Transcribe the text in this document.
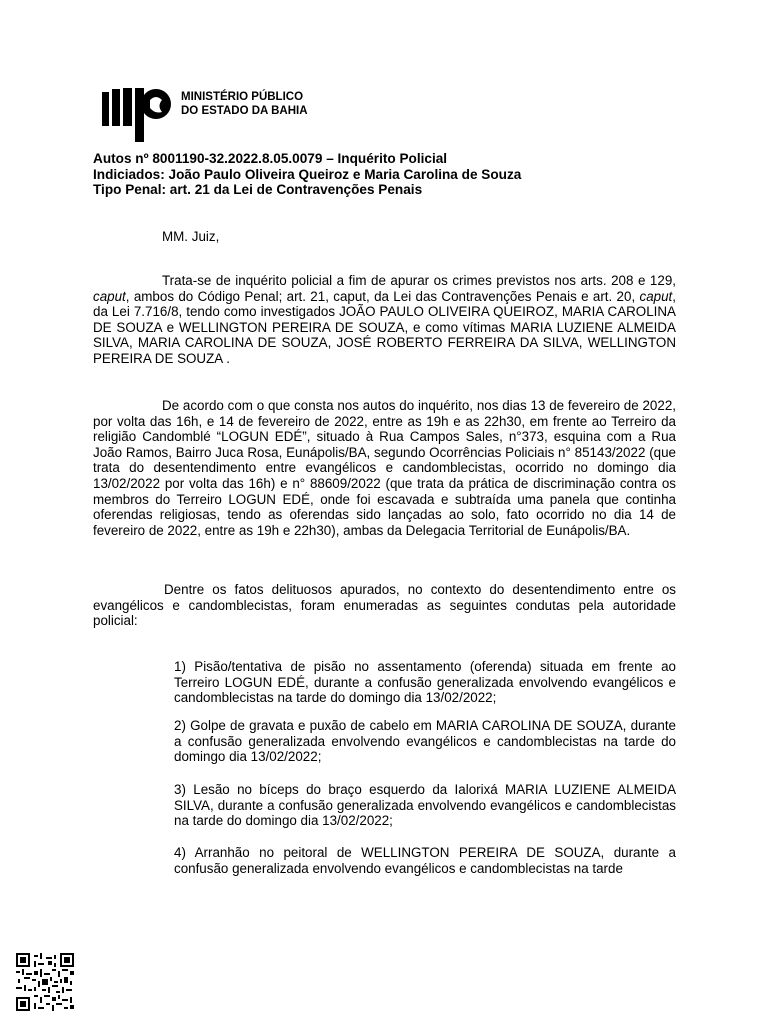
MINISTÉRIO PÚBLICO
DO ESTADO DA BAHIA
Autos nº 8001190-32.2022.8.05.0079 – Inquérito Policial
Indiciados: João Paulo Oliveira Queiroz e Maria Carolina de Souza
Tipo Penal: art. 21 da Lei de Contravenções Penais

MM. Juiz,

Trata-se de inquérito policial a fim de apurar os crimes previstos nos arts. 208 e 129, caput, ambos do Código Penal; art. 21, caput, da Lei das Contravenções Penais e art. 20, caput, da Lei 7.716/8, tendo como investigados JOÃO PAULO OLIVEIRA QUEIROZ, MARIA CAROLINA DE SOUZA e WELLINGTON PEREIRA DE SOUZA, e como vítimas MARIA LUZIENE ALMEIDA SILVA, MARIA CAROLINA DE SOUZA, JOSÉ ROBERTO FERREIRA DA SILVA, WELLINGTON PEREIRA DE SOUZA .

De acordo com o que consta nos autos do inquérito, nos dias 13 de fevereiro de 2022, por volta das 16h, e 14 de fevereiro de 2022, entre as 19h e as 22h30, em frente ao Terreiro da religião Candomblé “LOGUN EDÉ”, situado à Rua Campos Sales, n°373, esquina com a Rua João Ramos, Bairro Juca Rosa, Eunápolis/BA, segundo Ocorrências Policiais n° 85143/2022 (que trata do desentendimento entre evangélicos e candomblecistas, ocorrido no domingo dia 13/02/2022 por volta das 16h) e n° 88609/2022 (que trata da prática de discriminação contra os membros do Terreiro LOGUN EDÉ, onde foi escavada e subtraída uma panela que continha oferendas religiosas, tendo as oferendas sido lançadas ao solo, fato ocorrido no dia 14 de fevereiro de 2022, entre as 19h e 22h30), ambas da Delegacia Territorial de Eunápolis/BA.

Dentre os fatos delituosos apurados, no contexto do desentendimento entre os evangélicos e candomblecistas, foram enumeradas as seguintes condutas pela autoridade policial:

1) Pisão/tentativa de pisão no assentamento (oferenda) situada em frente ao Terreiro LOGUN EDÉ, durante a confusão generalizada envolvendo evangélicos e candomblecistas na tarde do domingo dia 13/02/2022;

2) Golpe de gravata e puxão de cabelo em MARIA CAROLINA DE SOUZA, durante a confusão generalizada envolvendo evangélicos e candomblecistas na tarde do domingo dia 13/02/2022;

3) Lesão no bíceps do braço esquerdo da Ialorixá MARIA LUZIENE ALMEIDA SILVA, durante a confusão generalizada envolvendo evangélicos e candomblecistas na tarde do domingo dia 13/02/2022;

4) Arranhão no peitoral de WELLINGTON PEREIRA DE SOUZA, durante a confusão generalizada envolvendo evangélicos e candomblecistas na tarde
